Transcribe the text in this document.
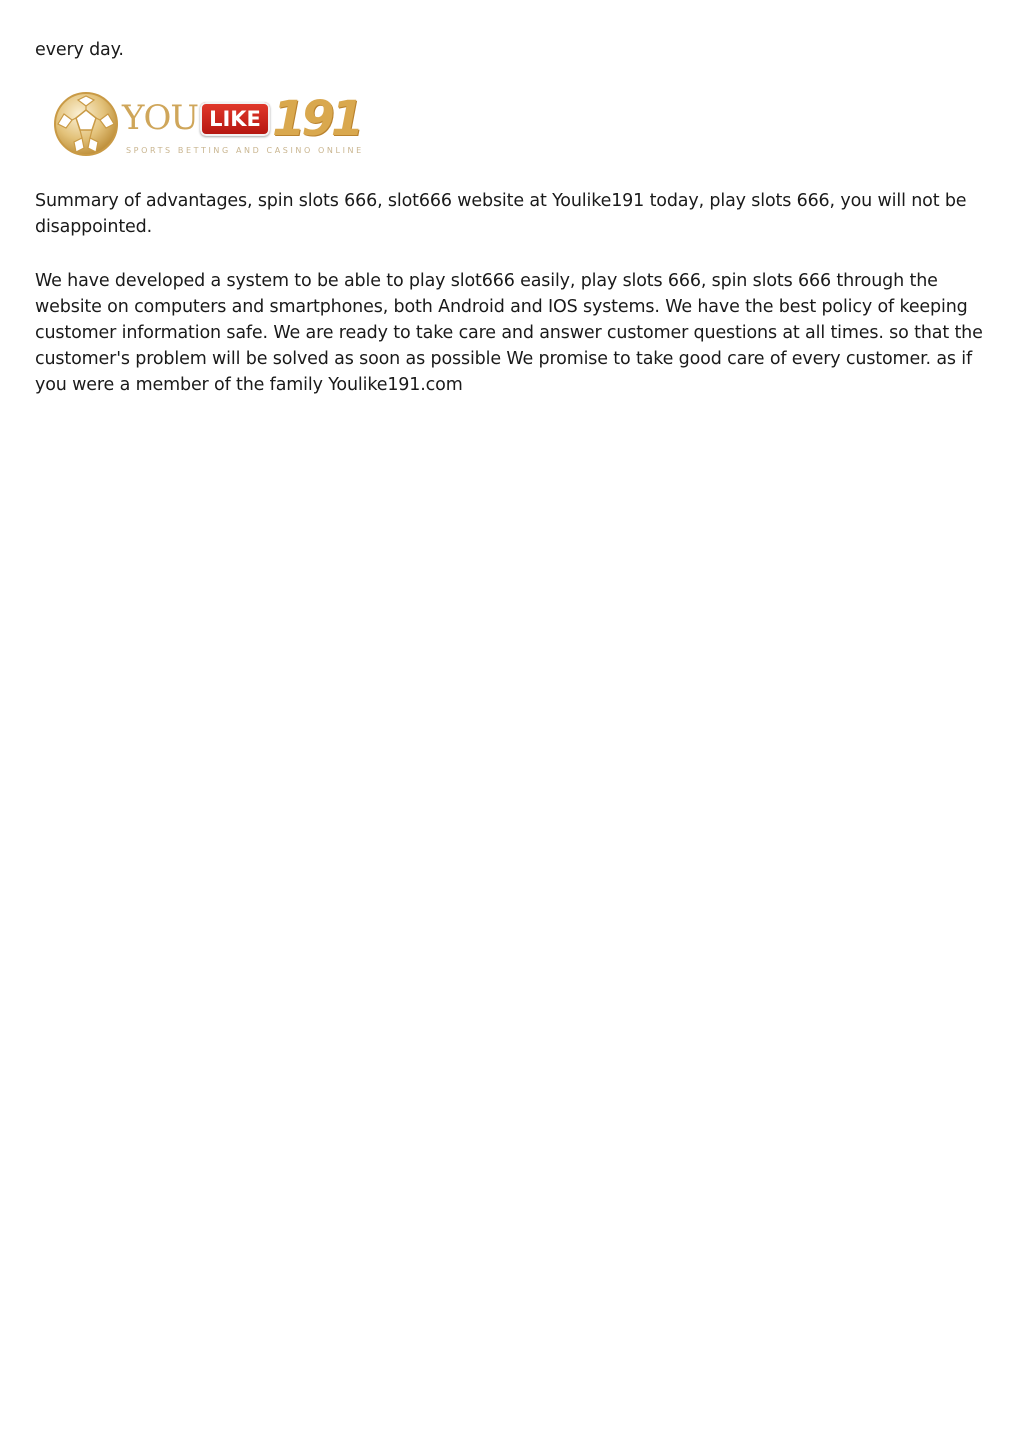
every day.

YOU LIKE 191
SPORTS BETTING AND CASINO ONLINE

Summary of advantages, spin slots 666, slot666 website at Youlike191 today, play slots 666, you will not be disappointed.

We have developed a system to be able to play slot666 easily, play slots 666, spin slots 666 through the website on computers and smartphones, both Android and IOS systems. We have the best policy of keeping customer information safe. We are ready to take care and answer customer questions at all times. so that the customer's problem will be solved as soon as possible We promise to take good care of every customer. as if you were a member of the family Youlike191.com
